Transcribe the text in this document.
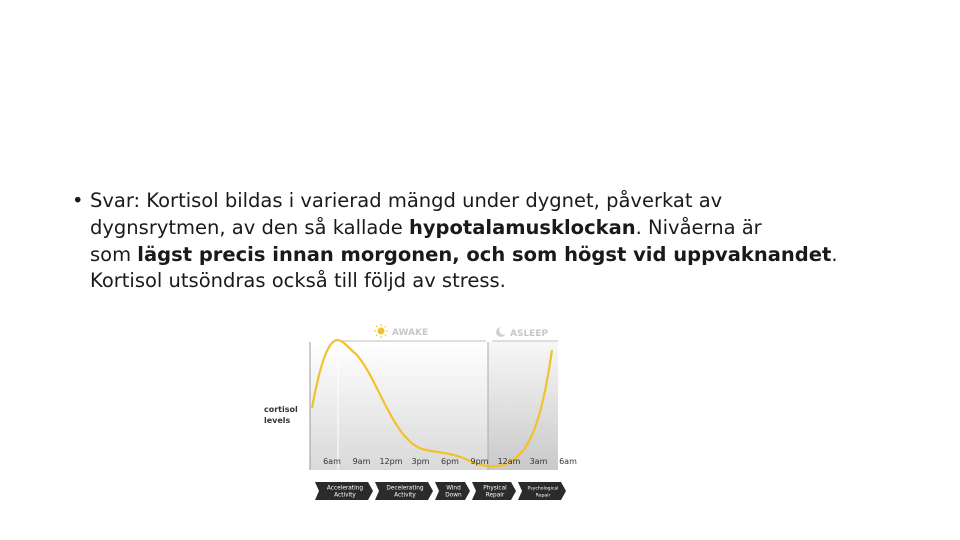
• Svar: Kortisol bildas i varierad mängd under dygnet, påverkat av
dygnsrytmen, av den så kallade hypotalamusklockan. Nivåerna är
som lägst precis innan morgonen, och som högst vid uppvaknandet.
Kortisol utsöndras också till följd av stress.
AWAKE	ASLEEP
cortisol
levels
6am 9am 12pm 3pm 6pm 9pm 12am 3am 6am
Accelerating
Activity
Decelerating
Activity
Wind
Down
Physical
Repair
Psychological
Repair
